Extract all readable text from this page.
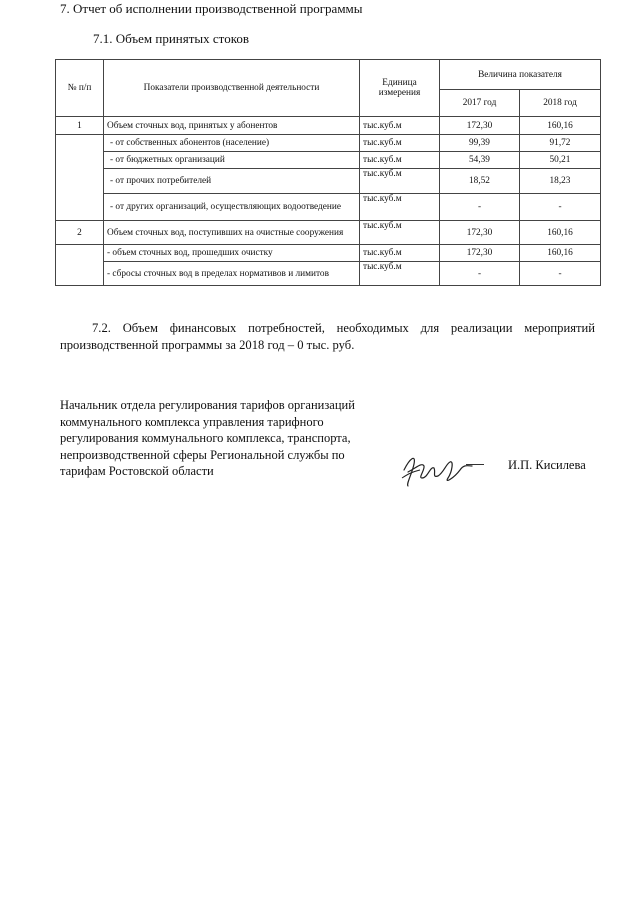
7. Отчет об исполнении производственной программы
7.1. Объем принятых стоков
№ п/п	Показатели производственной деятельности	Единица измерения	Величина показателя	
			2017 год	2018 год
1	Объем сточных вод, принятых у абонентов	тыс.куб.м	172,30	160,16
	- от собственных абонентов (население)	тыс.куб.м	99,39	91,72
	- от бюджетных организаций	тыс.куб.м	54,39	50,21
	- от прочих потребителей	тыс.куб.м	18,52	18,23
	- от других организаций, осуществляющих водоотведение	тыс.куб.м	-	-
2	Объем сточных вод, поступивших на очистные сооружения	тыс.куб.м	172,30	160,16
	- объем сточных вод, прошедших очистку	тыс.куб.м	172,30	160,16
	- сбросы сточных вод в пределах нормативов и лимитов	тыс.куб.м	-	-
7.2. Объем финансовых потребностей, необходимых для реализации мероприятий производственной программы за 2018 год – 0 тыс. руб.
Начальник отдела регулирования тарифов организаций коммунального комплекса управления тарифного регулирования коммунального комплекса, транспорта, непроизводственной сферы Региональной службы по тарифам Ростовской области	И.П. Кисилева
